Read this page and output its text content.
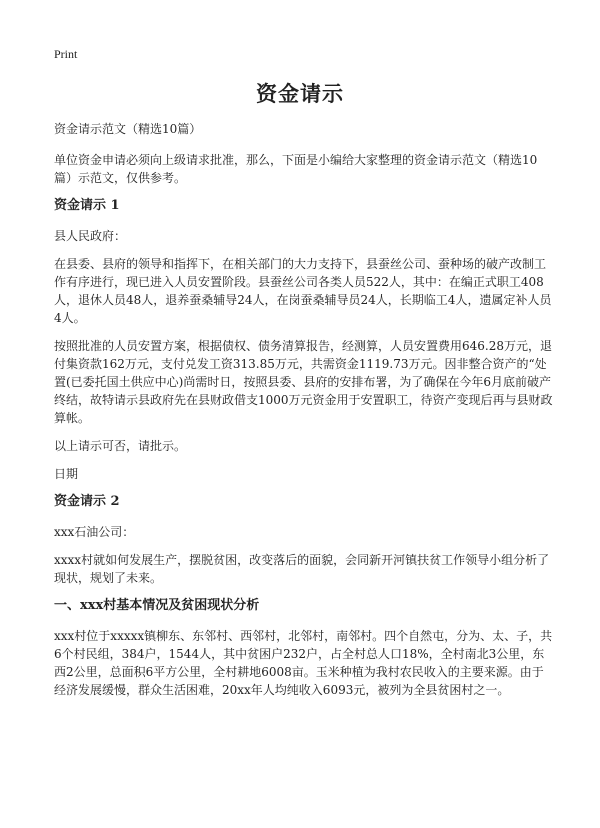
Print
资金请示

资金请示范文（精选10篇）

单位资金申请必须向上级请求批准，那么，下面是小编给大家整理的资金请示范文（精选10篇）示范文，仅供参考。

资金请示 1

县人民政府：

在县委、县府的领导和指挥下，在相关部门的大力支持下，县蚕丝公司、蚕种场的破产改制工作有序进行，现已进入人员安置阶段。县蚕丝公司各类人员522人，其中：在编正式职工408人，退休人员48人，退养蚕桑辅导24人，在岗蚕桑辅导员24人，长期临工4人，遗属定补人员4人。

按照批准的人员安置方案，根据债权、债务清算报告，经测算，人员安置费用646.28万元，退付集资款162万元，支付兑发工资313.85万元，共需资金1119.73万元。因非整合资产的“处置(已委托国土供应中心)尚需时日，按照县委、县府的安排布署，为了确保在今年6月底前破产终结，故特请示县政府先在县财政借支1000万元资金用于安置职工，待资产变现后再与县财政算帐。

以上请示可否，请批示。

日期

资金请示 2

xxx石油公司：

xxxx村就如何发展生产，摆脱贫困，改变落后的面貌，会同新开河镇扶贫工作领导小组分析了现状，规划了未来。

一、xxx村基本情况及贫困现状分析

xxx村位于xxxxx镇柳东、东邻村、西邻村，北邻村，南邻村。四个自然屯，分为、太、子，共6个村民组，384户，1544人，其中贫困户232户，占全村总人口18%，全村南北3公里，东西2公里，总面积6平方公里，全村耕地6008亩。玉米种植为我村农民收入的主要来源。由于经济发展缓慢，群众生活困难，20xx年人均纯收入6093元，被列为全县贫困村之一。
